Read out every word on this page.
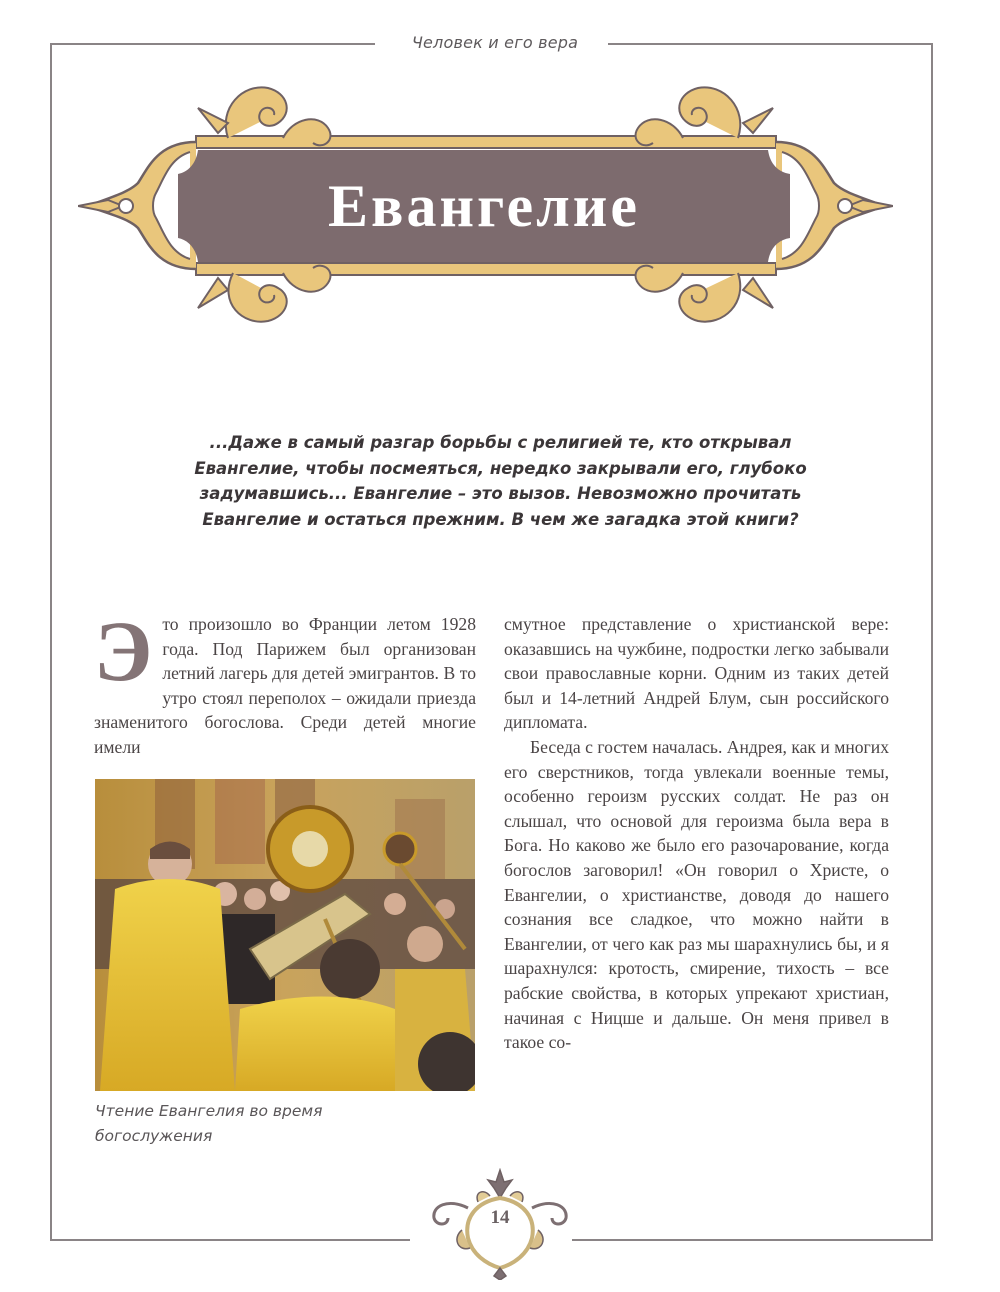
Человек и его вера
Евангелие
...Даже в самый разгар борьбы с религией те, кто открывал
Евангелие, чтобы посмеяться, нередко закрывали его, глубоко
задумавшись... Евангелие – это вызов. Невозможно прочитать
Евангелие и остаться прежним. В чем же загадка этой книги?

Это произошло во Франции летом 1928 года. Под Парижем был организован летний лагерь для детей эмигрантов. В то утро стоял переполох – ожидали приезда знаменитого богослова. Среди детей многие имели

Чтение Евангелия во время
богослужения

смутное представление о христианской вере: оказавшись на чужбине, подростки легко забывали свои православные корни. Одним из таких детей был и 14-летний Андрей Блум, сын российского дипломата.

Беседа с гостем началась. Андрея, как и многих его сверстников, тогда увлекали военные темы, особенно героизм русских солдат. Не раз он слышал, что основой для героизма была вера в Бога. Но каково же было его разочарование, когда богослов заговорил! «Он говорил о Христе, о Евангелии, о христианстве, доводя до нашего сознания все сладкое, что можно найти в Евангелии, от чего как раз мы шарахнулись бы, и я шарахнулся: кротость, смирение, тихость – все рабские свойства, в которых упрекают христиан, начиная с Ницше и дальше. Он меня привел в такое со-

14
